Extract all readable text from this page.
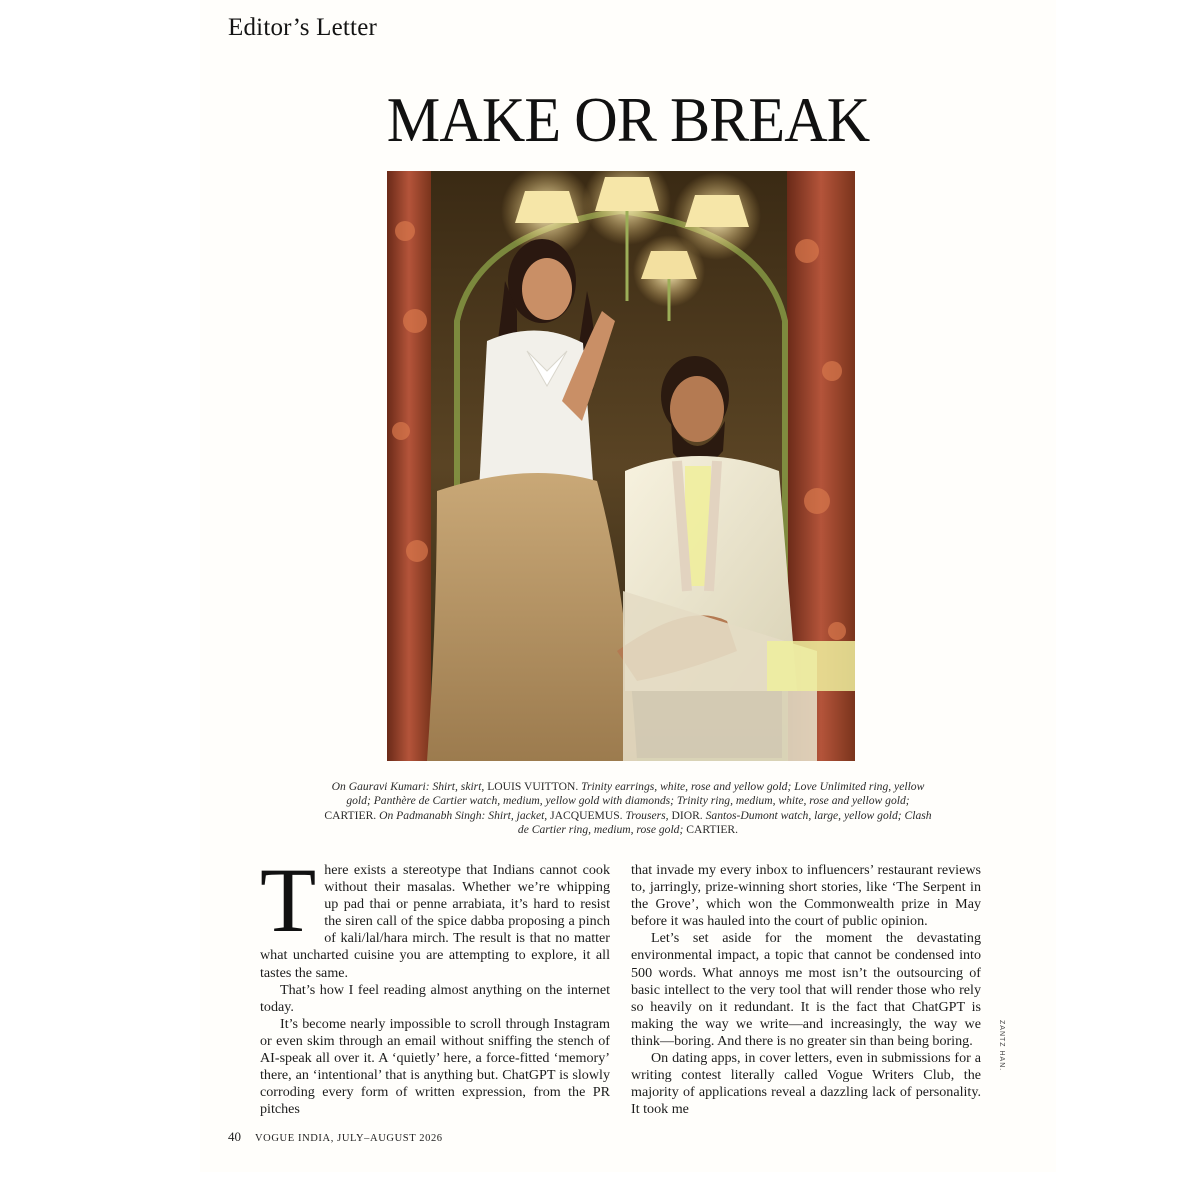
Editor’s Letter
MAKE OR BREAK
On Gauravi Kumari: Shirt, skirt, LOUIS VUITTON. Trinity earrings, white, rose and yellow gold; Love Unlimited ring, yellow gold; Panthère de Cartier watch, medium, yellow gold with diamonds; Trinity ring, medium, white, rose and yellow gold; CARTIER. On Padmanabh Singh: Shirt, jacket, JACQUEMUS. Trousers, DIOR. Santos-Dumont watch, large, yellow gold; Clash de Cartier ring, medium, rose gold; CARTIER.

There exists a stereotype that Indians cannot cook without their masalas. Whether we’re whipping up pad thai or penne arrabiata, it’s hard to resist the siren call of the spice dabba proposing a pinch of kali/lal/hara mirch. The result is that no matter what uncharted cuisine you are attempting to explore, it all tastes the same.

That’s how I feel reading almost anything on the internet today.

It’s become nearly impossible to scroll through Instagram or even skim through an email without sniffing the stench of AI-speak all over it. A ‘quietly’ here, a force-fitted ‘memory’ there, an ‘intentional’ that is anything but. ChatGPT is slowly corroding every form of written expression, from the PR pitches

that invade my every inbox to influencers’ restaurant reviews to, jarringly, prize-winning short stories, like ‘The Serpent in the Grove’, which won the Commonwealth prize in May before it was hauled into the court of public opinion.

Let’s set aside for the moment the devastating environmental impact, a topic that cannot be condensed into 500 words. What annoys me most isn’t the outsourcing of basic intellect to the very tool that will render those who rely so heavily on it redundant. It is the fact that ChatGPT is making the way we write—and increasingly, the way we think—boring. And there is no greater sin than being boring.

On dating apps, in cover letters, even in submissions for a writing contest literally called Vogue Writers Club, the majority of applications reveal a dazzling lack of personality. It took me

ZANTZ HAN.
40 VOGUE INDIA, JULY–AUGUST 2026
